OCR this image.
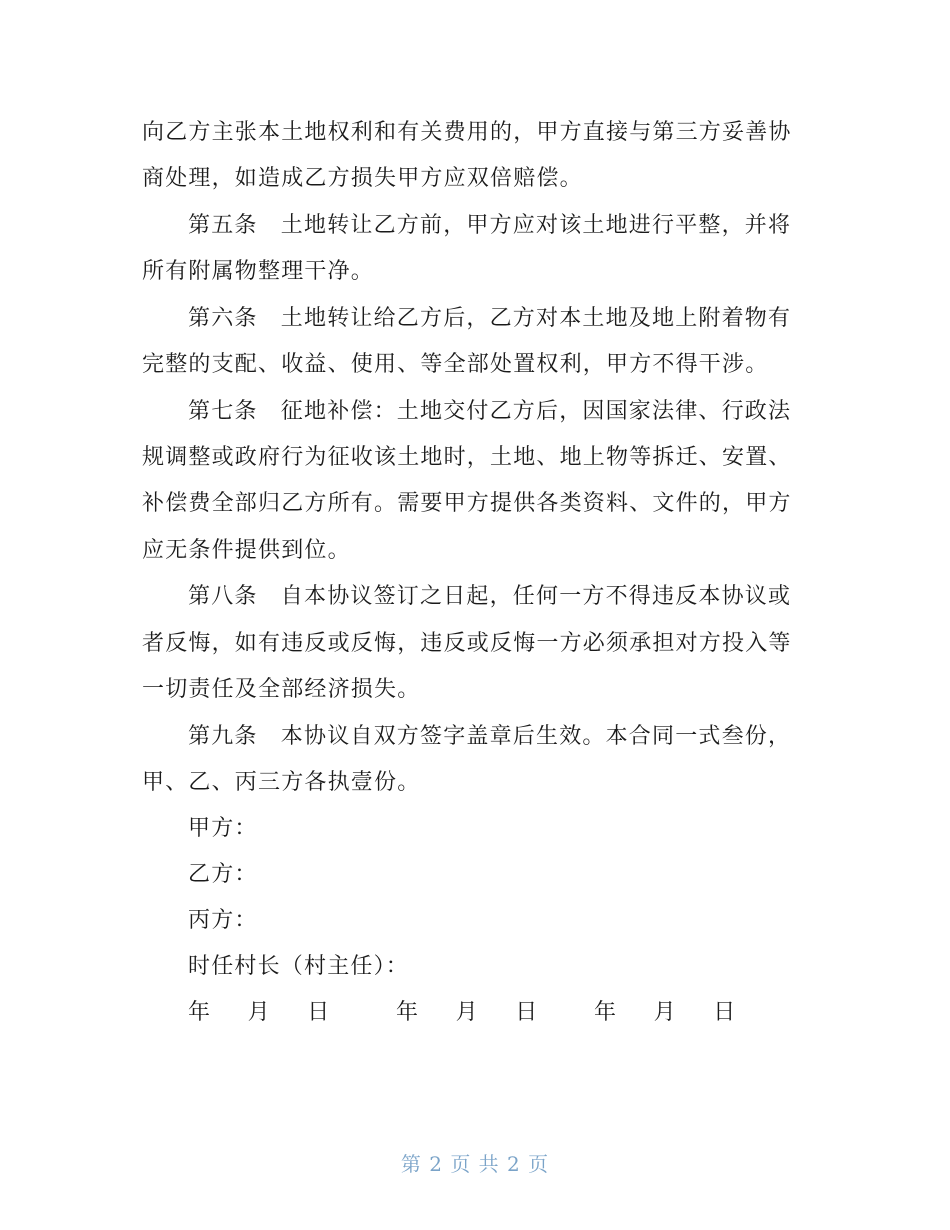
向乙方主张本土地权利和有关费用的，甲方直接与第三方妥善协
商处理，如造成乙方损失甲方应双倍赔偿。
第五条　土地转让乙方前，甲方应对该土地进行平整，并将
所有附属物整理干净。
第六条　土地转让给乙方后，乙方对本土地及地上附着物有
完整的支配、收益、使用、等全部处置权利，甲方不得干涉。
第七条　征地补偿：土地交付乙方后，因国家法律、行政法
规调整或政府行为征收该土地时，土地、地上物等拆迁、安置、
补偿费全部归乙方所有。需要甲方提供各类资料、文件的，甲方
应无条件提供到位。
第八条　自本协议签订之日起，任何一方不得违反本协议或
者反悔，如有违反或反悔，违反或反悔一方必须承担对方投入等
一切责任及全部经济损失。
第九条　本协议自双方签字盖章后生效。本合同一式叁份，
甲、乙、丙三方各执壹份。
甲方：
乙方：
丙方：
时任村长（村主任）：
年 月 日	年 月 日	年 月 日
第 2 页 共 2 页
